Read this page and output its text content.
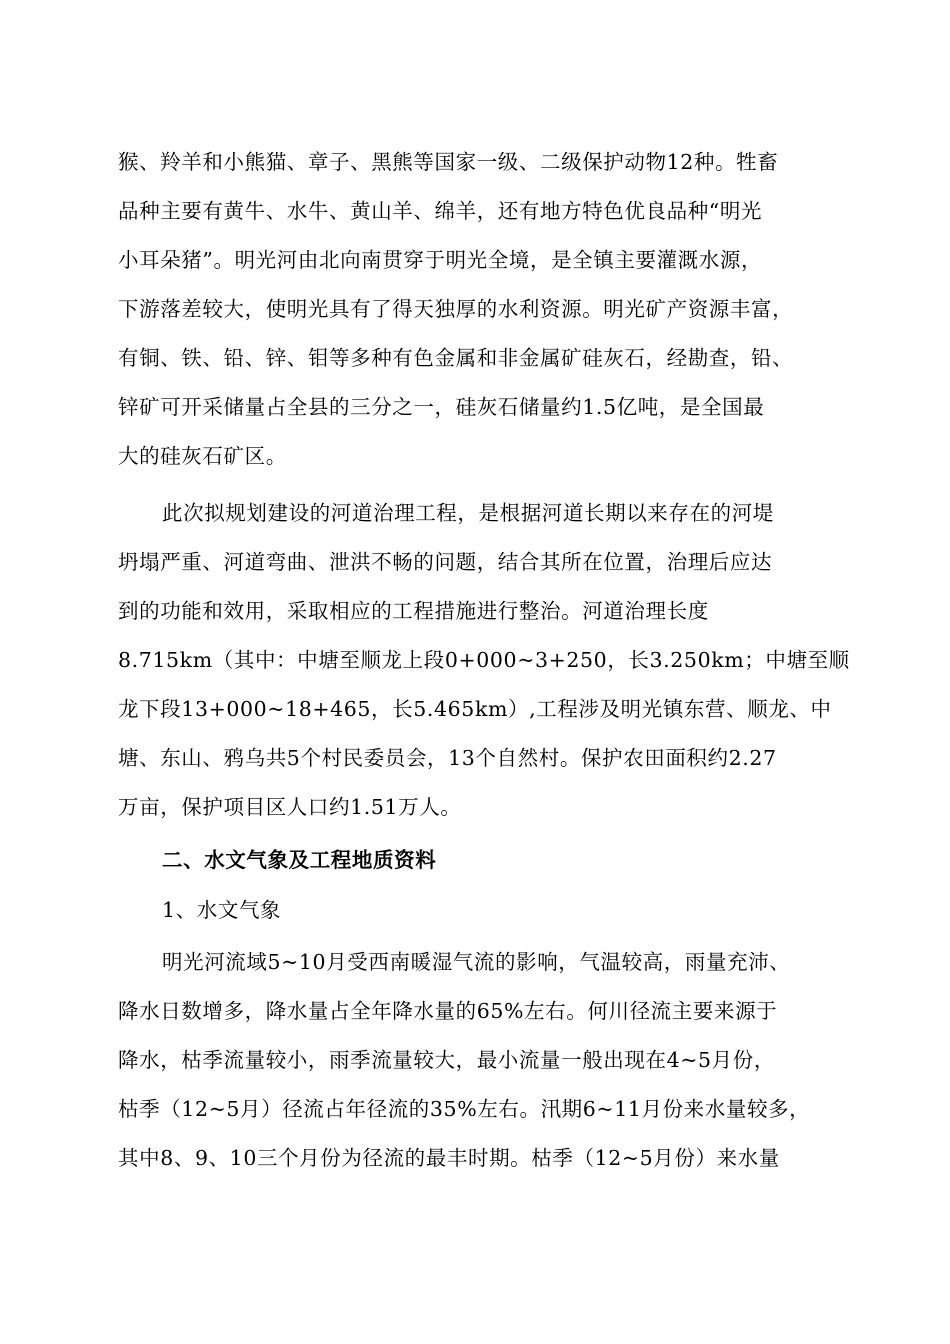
猴、羚羊和小熊猫、章子、黑熊等国家一级、二级保护动物12种。牲畜
品种主要有黄牛、水牛、黄山羊、绵羊，还有地方特色优良品种“明光
小耳朵猪”。明光河由北向南贯穿于明光全境，是全镇主要灌溉水源，
下游落差较大，使明光具有了得天独厚的水利资源。明光矿产资源丰富，
有铜、铁、铅、锌、钼等多种有色金属和非金属矿硅灰石，经勘查，铅、
锌矿可开采储量占全县的三分之一，硅灰石储量约1.5亿吨，是全国最
大的硅灰石矿区。
此次拟规划建设的河道治理工程，是根据河道长期以来存在的河堤
坍塌严重、河道弯曲、泄洪不畅的问题，结合其所在位置，治理后应达
到的功能和效用，采取相应的工程措施进行整治。河道治理长度
8.715km（其中：中塘至顺龙上段0+000~3+250，长3.250km；中塘至顺
龙下段13+000~18+465，长5.465km）,工程涉及明光镇东营、顺龙、中
塘、东山、鸦乌共5个村民委员会，13个自然村。保护农田面积约2.27
万亩，保护项目区人口约1.51万人。
二、水文气象及工程地质资料
1、水文气象
明光河流域5~10月受西南暖湿气流的影响，气温较高，雨量充沛、
降水日数增多，降水量占全年降水量的65%左右。何川径流主要来源于
降水，枯季流量较小，雨季流量较大，最小流量一般出现在4~5月份，
枯季（12~5月）径流占年径流的35%左右。汛期6~11月份来水量较多，
其中8、9、10三个月份为径流的最丰时期。枯季（12~5月份）来水量
